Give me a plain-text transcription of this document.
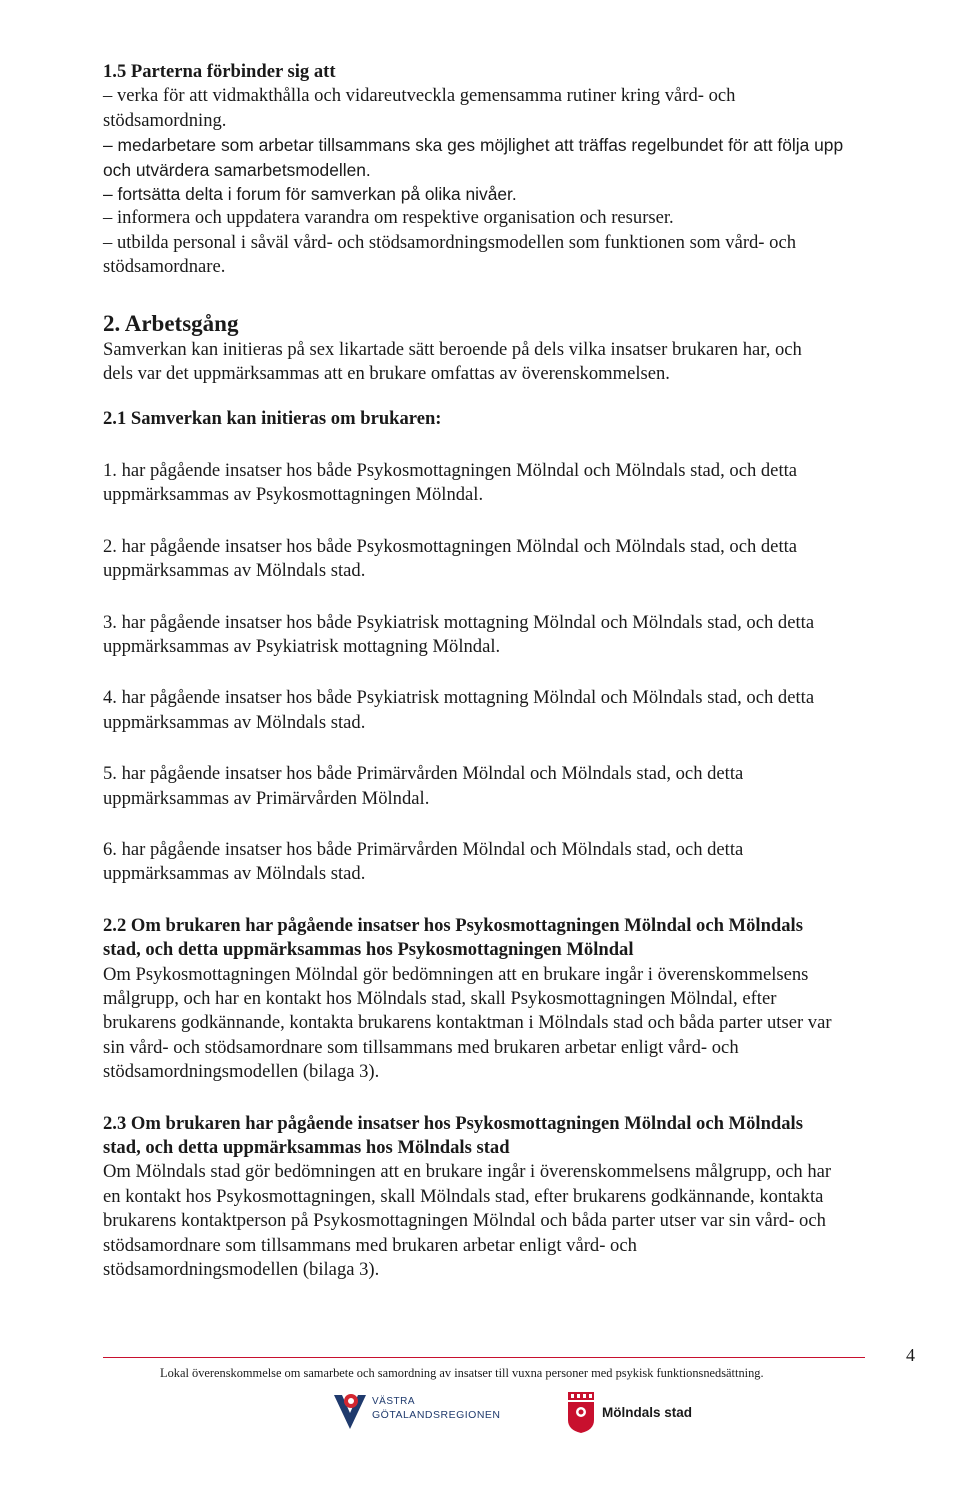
1.5 Parterna förbinder sig att

– verka för att vidmakthålla och vidareutveckla gemensamma rutiner kring vård- och

stödsamordning.

– medarbetare som arbetar tillsammans ska ges möjlighet att träffas regelbundet för att följa upp

och utvärdera samarbetsmodellen.

– fortsätta delta i forum för samverkan på olika nivåer.

– informera och uppdatera varandra om respektive organisation och resurser.

– utbilda personal i såväl vård- och stödsamordningsmodellen som funktionen som vård- och

stödsamordnare.

2. Arbetsgång

Samverkan kan initieras på sex likartade sätt beroende på dels vilka insatser brukaren har, och

dels var det uppmärksammas att en brukare omfattas av överenskommelsen.

2.1 Samverkan kan initieras om brukaren:

1. har pågående insatser hos både Psykosmottagningen Mölndal och Mölndals stad, och detta

uppmärksammas av Psykosmottagningen Mölndal.

2. har pågående insatser hos både Psykosmottagningen Mölndal och Mölndals stad, och detta

uppmärksammas av Mölndals stad.

3. har pågående insatser hos både Psykiatrisk mottagning Mölndal och Mölndals stad, och detta

uppmärksammas av Psykiatrisk mottagning Mölndal.

4. har pågående insatser hos både Psykiatrisk mottagning Mölndal och Mölndals stad, och detta

uppmärksammas av Mölndals stad.

5. har pågående insatser hos både Primärvården Mölndal och Mölndals stad, och detta

uppmärksammas av Primärvården Mölndal.

6. har pågående insatser hos både Primärvården Mölndal och Mölndals stad, och detta

uppmärksammas av Mölndals stad.

2.2 Om brukaren har pågående insatser hos Psykosmottagningen Mölndal och Mölndals

stad, och detta uppmärksammas hos Psykosmottagningen Mölndal

Om Psykosmottagningen Mölndal gör bedömningen att en brukare ingår i överenskommelsens

målgrupp, och har en kontakt hos Mölndals stad, skall Psykosmottagningen Mölndal, efter

brukarens godkännande, kontakta brukarens kontaktman i Mölndals stad och båda parter utser var

sin vård- och stödsamordnare som tillsammans med brukaren arbetar enligt vård- och

stödsamordningsmodellen (bilaga 3).

2.3 Om brukaren har pågående insatser hos Psykosmottagningen Mölndal och Mölndals

stad, och detta uppmärksammas hos Mölndals stad

Om Mölndals stad gör bedömningen att en brukare ingår i överenskommelsens målgrupp, och har

en kontakt hos Psykosmottagningen, skall Mölndals stad, efter brukarens godkännande, kontakta

brukarens kontaktperson på Psykosmottagningen Mölndal och båda parter utser var sin vård- och

stödsamordnare som tillsammans med brukaren arbetar enligt vård- och

stödsamordningsmodellen (bilaga 3).

4
Lokal överenskommelse om samarbete och samordning av insatser till vuxna personer med psykisk funktionsnedsättning.
VÄSTRA
GÖTALANDSREGIONEN	Mölndals stad
